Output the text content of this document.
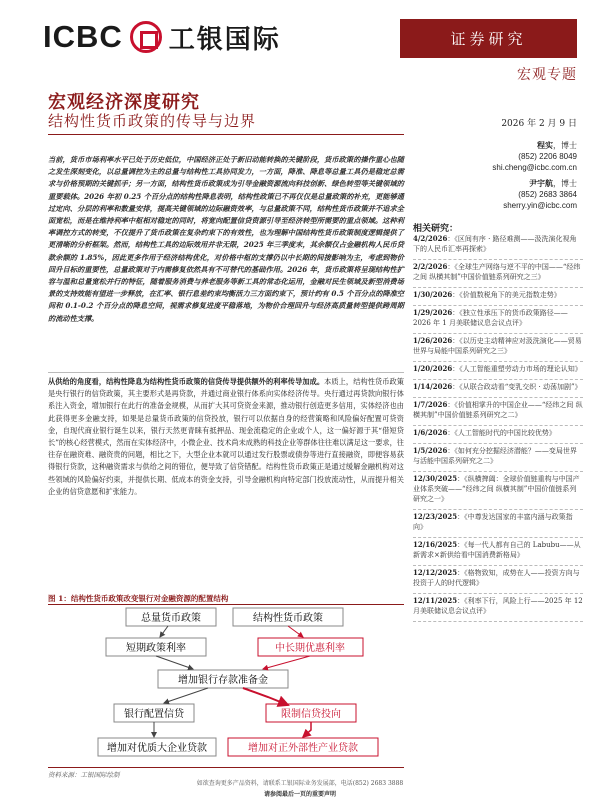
ICBC 工银国际	证券研究
宏观专题
宏观经济深度研究
结构性货币政策的传导与边界	2026 年 2 月 9 日
程实，博士
(852) 2206 8049
shi.cheng@icbc.com.cn
尹宇航，博士
(852) 2683 3864
sherry.yin@icbc.com
相关研究：
4/2/2026：《区间有序 · 路径难测——汲洗演化视角下的人民币汇率再探索》
2/2/2026：《全球生产网络与逆不平的中国——“经纬之间 纵横其制”中国价值链系列研究之三》
1/30/2026：《价值数税角下的美元指数走势》
1/29/2026：《独立性承压下的货币政策路径——2026 年 1 月美联储议息会议点评》
1/26/2026：《以历史主动精神应对汲洗演化——贸易世界与局能中国系列研究之三》
1/20/2026：《人工智能重塑劳动力市场的理论认知》
1/14/2026：《从联合政动看“变乳交织 · 动荡加剧”》
1/7/2026：《价值相掌升的中国企业——“经纬之间 纵横其制”中国价值链系列研究之二》
1/6/2026：《人工智能时代的中国比较优势》
1/5/2026：《如何充分挖掘经济潜能？——变局世界与活能中国系列研究之二》
12/30/2025：《纵横捭阖：全球价值链重构与中国产业体系突破——“经纬之间 纵横其制”中国价值链系列研究之一》
12/23/2025：《中尊发达国家的丰富内涵与政策指向》
12/16/2025：《每一代人都有自己的 Labubu——从新需求×新供给看中国消费新格局》
12/12/2025：《格物致知，成势在人——投资方向与投资于人的时代逻辑》
12/11/2025：《利率下行，风险上行——2025 年 12 月美联储议息会议点评》
当前，货币市场利率水平已处于历史低位，中国经济正处于新旧动能转换的关键阶段，货币政策的操作重心也随之发生深刻变化，以总量调控为主的总量与结构性工具协同发力，一方面，降准、降息等总量工具仍是稳定总需求与价格预期的关键抓手；另一方面，结构性货币政策成为引导金融资源流向科技创新、绿色转型等关键领域的重要载体。2026 年初 0.25 个百分点的结构性降息表明，结构性政策已不再仅仅是总量政策的补充，更能够通过定向、分层的利率和数量安排，提高关键领域的边际融资效率，与总量政策不同，结构性货币政策并不追求全面宽松，而是在维持利率中枢相对稳定的同时，将宽向配置信贷资源引导至经济转型所需要的重点领域。这种利率调控方式的转变，不仅提升了货币政策在复杂约束下的有效性，也为理解中国结构性货币政策制度逻辑提供了更清晰的分析框架。然而，结构性工具的边际效用并非无限，2025 年三季度末，其余额仅占金融机构人民币贷款余额的 1.85%，因此更多作用于经济结构优化，对价格中枢的支撑仍以中长期的间接影响为主，考虑到物价回升目标的重要性，总量政策对于内需修复依然具有不可替代的基础作用。2026 年，货币政策将呈现结构性扩容与温和总量宽松并行的特征，随着服务消费与养老服务等新工具的常态化运用，金融对民生领域及新型消费场景的支持效能有望进一步释放，在汇率、银行息差约束均衡活力三方面约束下，预计约有 0.5 个百分点的降准空间和 0.1-0.2 个百分点的降息空间，视需求修复进度平稳落地，为物价合理回升与经济高质量转型提供跨周期的流动性支撑。
从供给的角度看，结构性降息为结构性货币政策的信贷传导提供额外的利率传导加成。本质上，结构性货币政策是央行银行的信贷政策，其主要形式是再贷款，并通过商业银行体系向实体经济传导。央行通过再贷款向银行体系注入资金，增加银行在此行的准备金规模，从而扩大其可贷资金来源，推动银行创造更多信用，实体经济也由此获得更多金融支持，如果是总量货币政策的信贷投放，银行可以依据自身的经营策略和风险偏好配置可贷资金，自现代商业银行诞生以来，银行天然更青睐有抵押品、现金流稳定的企业或个人，这一偏好源于其“借短贷长”的核心经营模式，然而在实体经济中，小微企业、技术尚未成熟的科技企业等群体往往难以满足这一要求，往往存在融资难、融资贵的问题，相比之下，大型企业本就可以通过发行股票或债券等进行直接融资，即便容易获得银行贷款，这种融资需求与供给之间的错位，便导致了信贷错配。结构性货币政策正是通过缓解金融机构对这些领域的风险偏好约束，并提供长期、低成本的资金支持，引导金融机构向特定部门投放流动性，从而提升相关企业的信贷意愿和扩张能力。
图 1：结构性货币政策改变银行对金融资源的配置结构
总量货币政策	结构性货币政策
短期政策利率	中长期优惠利率
增加银行存款准备金
银行配置信贷	限制信贷投向
增加对优质大企业贷款	增加对正外部性产业贷款
资料来源：工银国际绘制
如欲查询更多产品资料，请联系工银国际业务发展部，电话(852) 2683 3888
请参阅最后一页的重要声明
